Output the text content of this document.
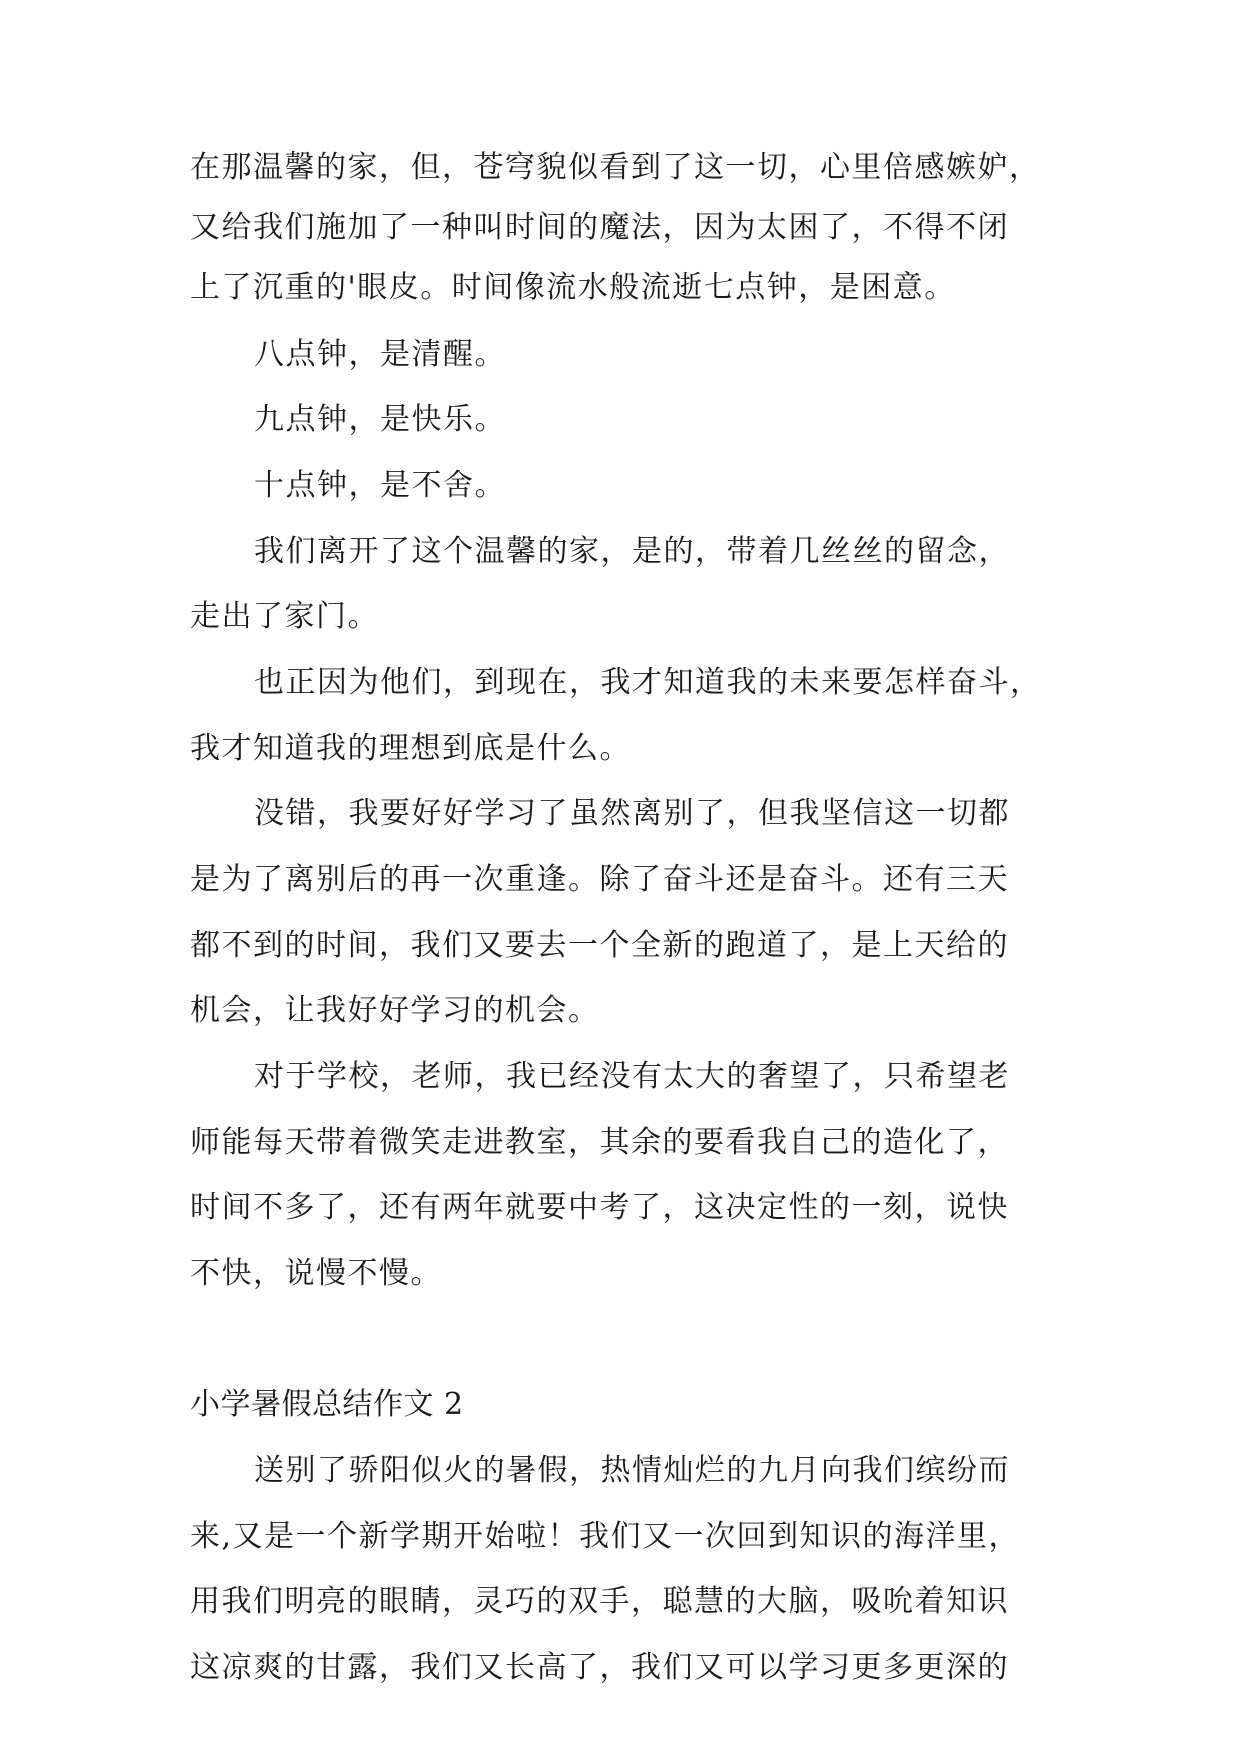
在那温馨的家，但，苍穹貌似看到了这一切，心里倍感嫉妒，
又给我们施加了一种叫时间的魔法，因为太困了，不得不闭
上了沉重的'眼皮。时间像流水般流逝七点钟，是困意。
八点钟，是清醒。
九点钟，是快乐。
十点钟，是不舍。
我们离开了这个温馨的家，是的，带着几丝丝的留念，
走出了家门。
也正因为他们，到现在，我才知道我的未来要怎样奋斗，
我才知道我的理想到底是什么。
没错，我要好好学习了虽然离别了，但我坚信这一切都
是为了离别后的再一次重逢。除了奋斗还是奋斗。还有三天
都不到的时间，我们又要去一个全新的跑道了，是上天给的
机会，让我好好学习的机会。
对于学校，老师，我已经没有太大的奢望了，只希望老
师能每天带着微笑走进教室，其余的要看我自己的造化了，
时间不多了，还有两年就要中考了，这决定性的一刻，说快
不快，说慢不慢。
小学暑假总结作文 2
送别了骄阳似火的暑假，热情灿烂的九月向我们缤纷而
来,又是一个新学期开始啦！我们又一次回到知识的海洋里，
用我们明亮的眼睛，灵巧的双手，聪慧的大脑，吸吮着知识
这凉爽的甘露，我们又长高了，我们又可以学习更多更深的
